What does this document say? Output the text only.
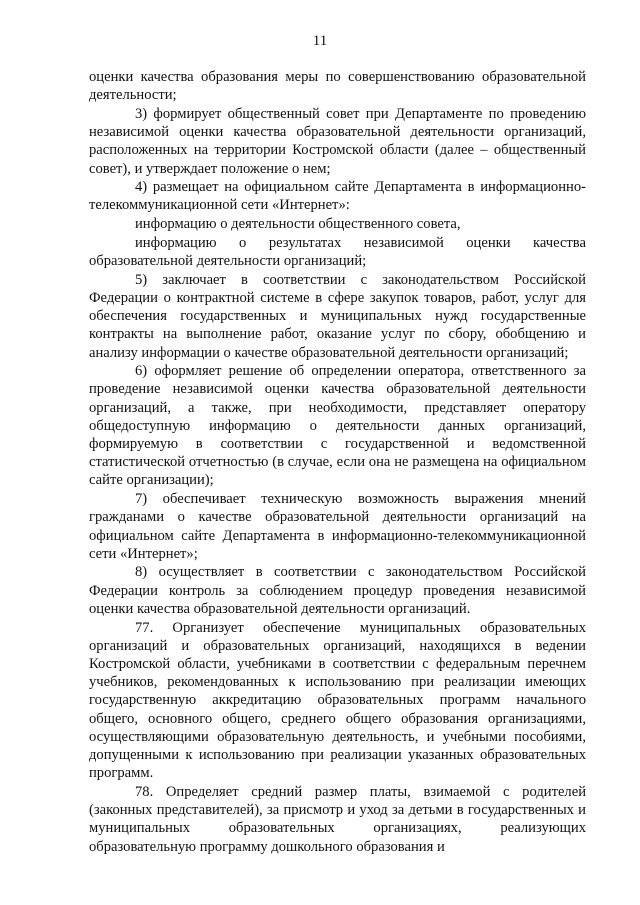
11

оценки качества образования меры по совершенствованию образовательной деятельности;

3) формирует общественный совет при Департаменте по проведению независимой оценки качества образовательной деятельности организаций, расположенных на территории Костромской области (далее – общественный совет), и утверждает положение о нем;

4) размещает на официальном сайте Департамента в информационно-телекоммуникационной сети «Интернет»:

информацию о деятельности общественного совета,

информацию о результатах независимой оценки качества образовательной деятельности организаций;

5) заключает в соответствии с законодательством Российской Федерации о контрактной системе в сфере закупок товаров, работ, услуг для обеспечения государственных и муниципальных нужд государственные контракты на выполнение работ, оказание услуг по сбору, обобщению и анализу информации о качестве образовательной деятельности организаций;

6) оформляет решение об определении оператора, ответственного за проведение независимой оценки качества образовательной деятельности организаций, а также, при необходимости, представляет оператору общедоступную информацию о деятельности данных организаций, формируемую в соответствии с государственной и ведомственной статистической отчетностью (в случае, если она не размещена на официальном сайте организации);

7) обеспечивает техническую возможность выражения мнений гражданами о качестве образовательной деятельности организаций на официальном сайте Департамента в информационно-телекоммуникационной сети «Интернет»;

8) осуществляет в соответствии с законодательством Российской Федерации контроль за соблюдением процедур проведения независимой оценки качества образовательной деятельности организаций.

77. Организует обеспечение муниципальных образовательных организаций и образовательных организаций, находящихся в ведении Костромской области, учебниками в соответствии с федеральным перечнем учебников, рекомендованных к использованию при реализации имеющих государственную аккредитацию образовательных программ начального общего, основного общего, среднего общего образования организациями, осуществляющими образовательную деятельность, и учебными пособиями, допущенными к использованию при реализации указанных образовательных программ.

78. Определяет средний размер платы, взимаемой с родителей (законных представителей), за присмотр и уход за детьми в государственных и муниципальных образовательных организациях, реализующих образовательную программу дошкольного образования и
